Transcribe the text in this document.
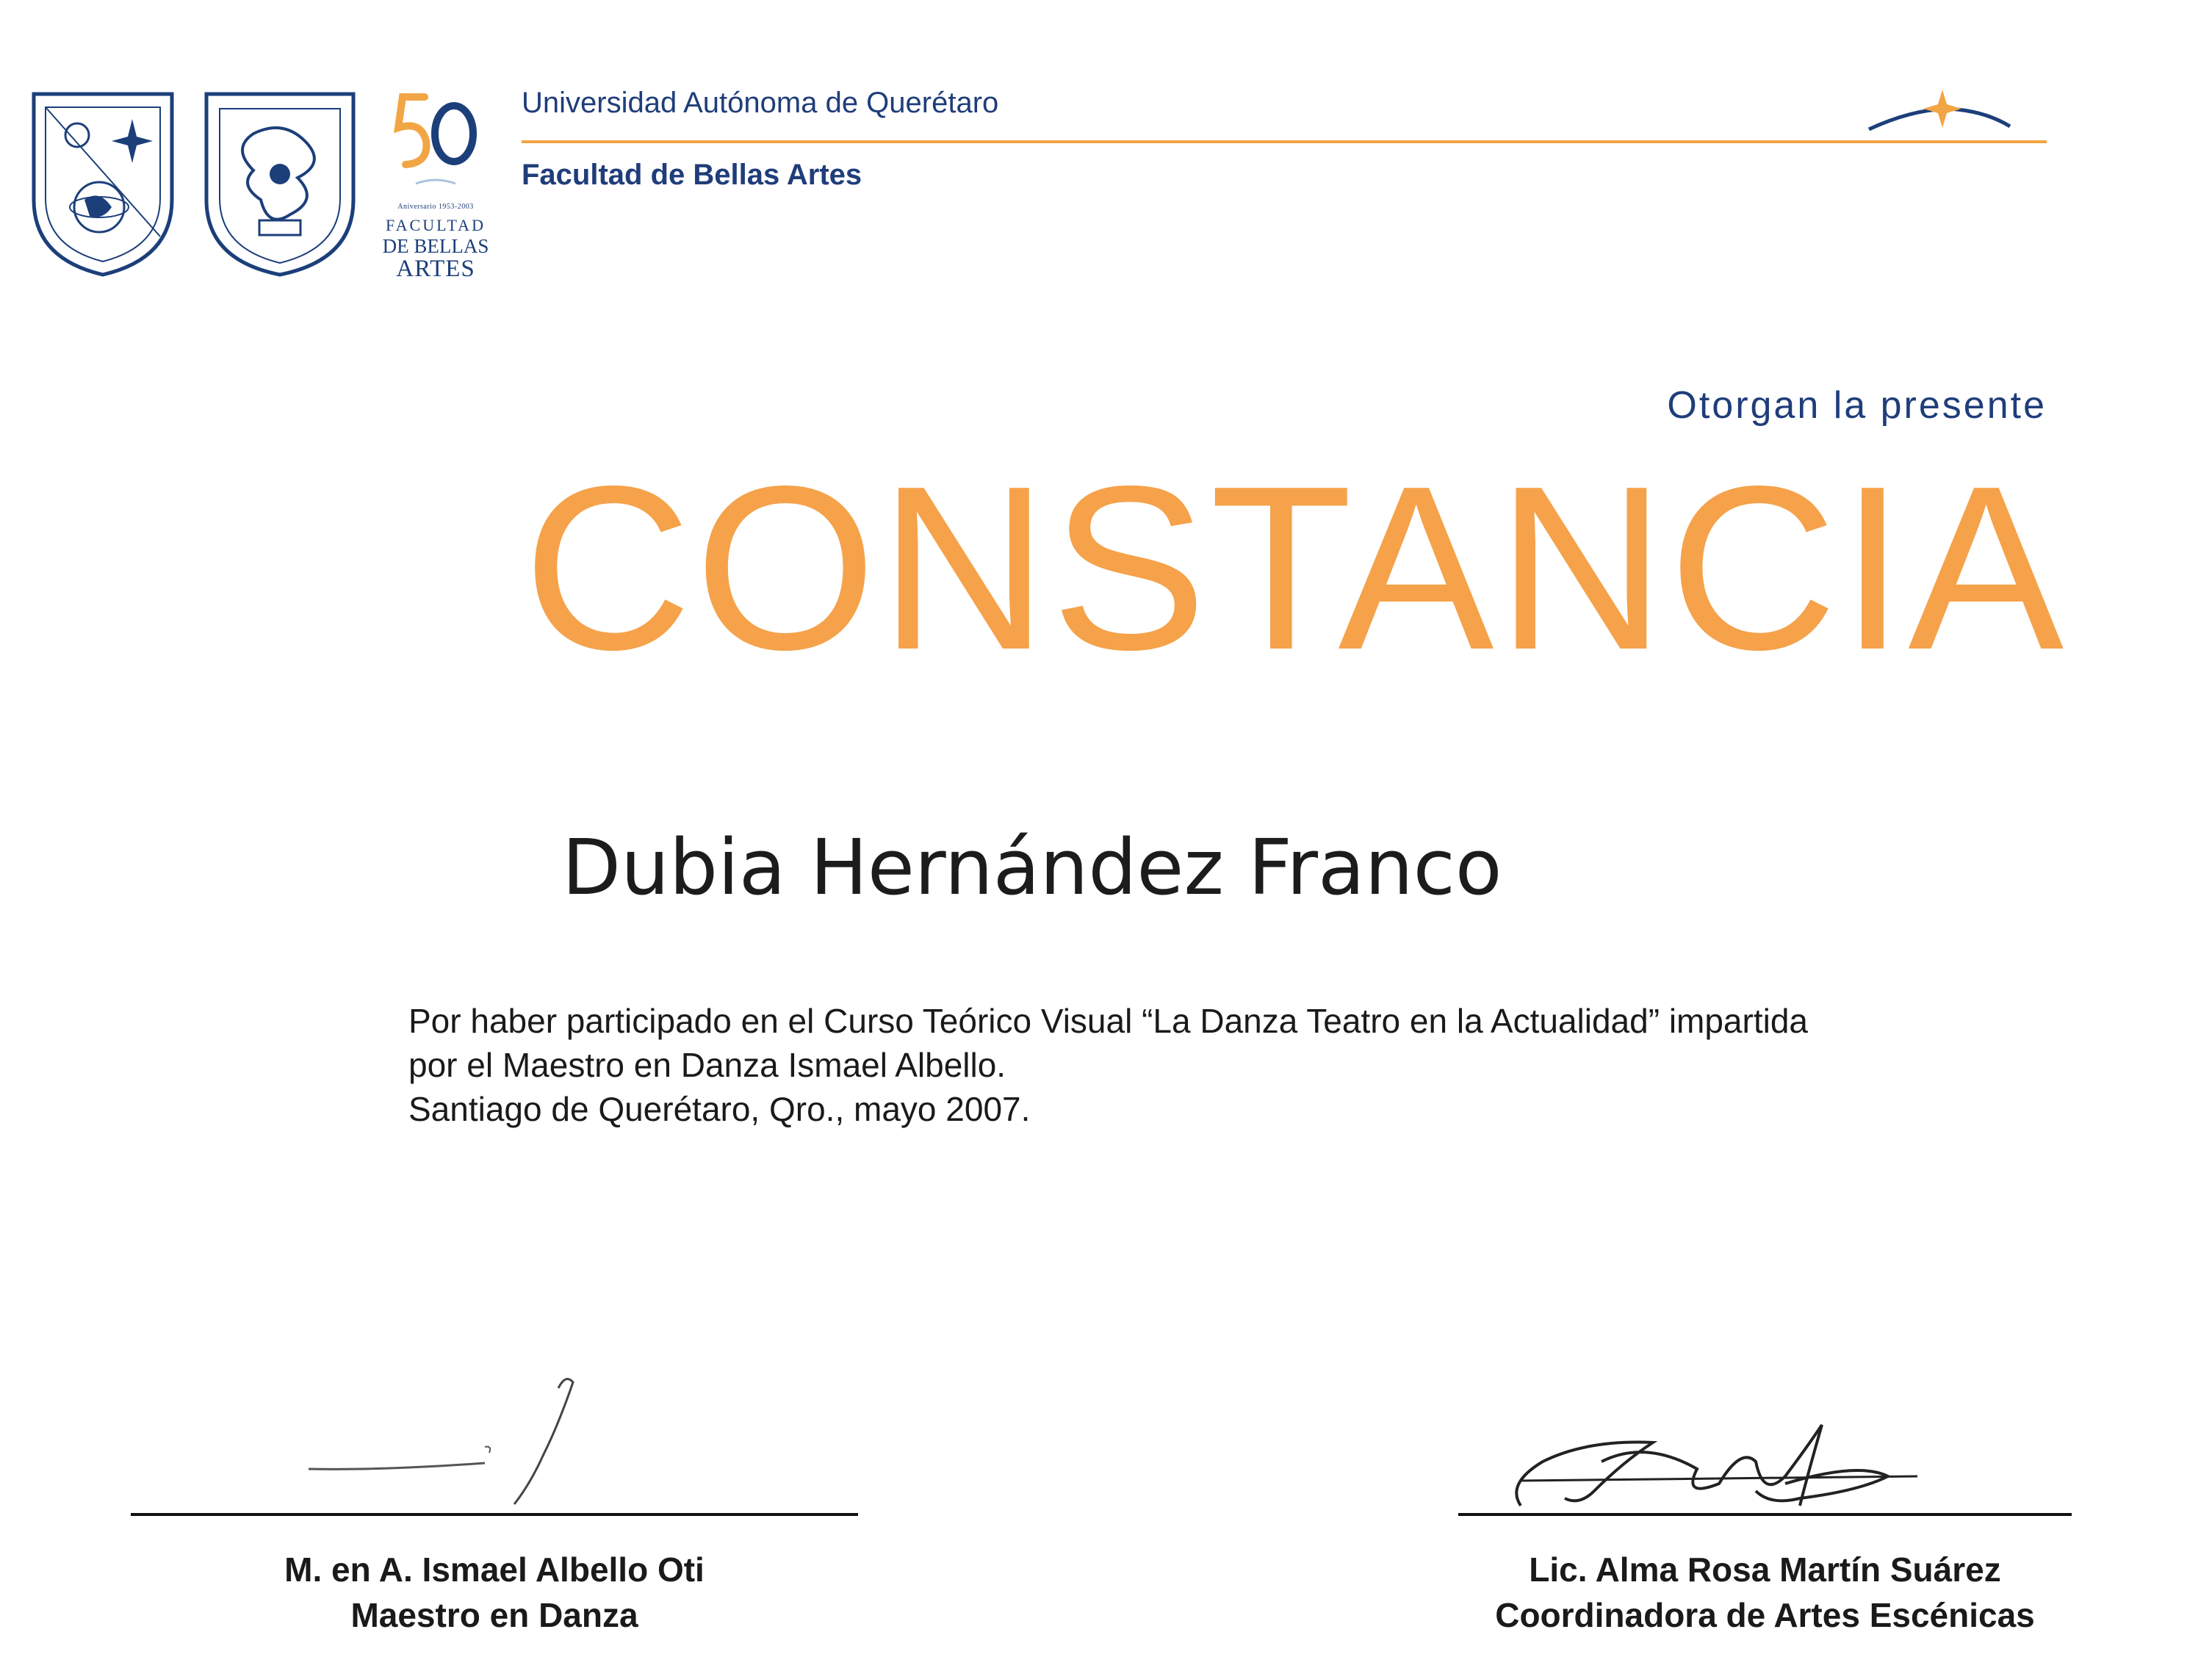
Aniversario 1953-2003
FACULTAD
DE BELLAS
ARTES
Universidad Autónoma de Querétaro
Facultad de Bellas Artes
Otorgan la presente
CONSTANCIA
Dubia Hernández Franco
Por haber participado en el Curso Teórico Visual “La Danza Teatro en la Actualidad” impartida
por el Maestro en Danza Ismael Albello.
Santiago de Querétaro, Qro., mayo 2007.
M. en A. Ismael Albello Oti
Maestro en Danza
Lic. Alma Rosa Martín Suárez
Coordinadora de Artes Escénicas
